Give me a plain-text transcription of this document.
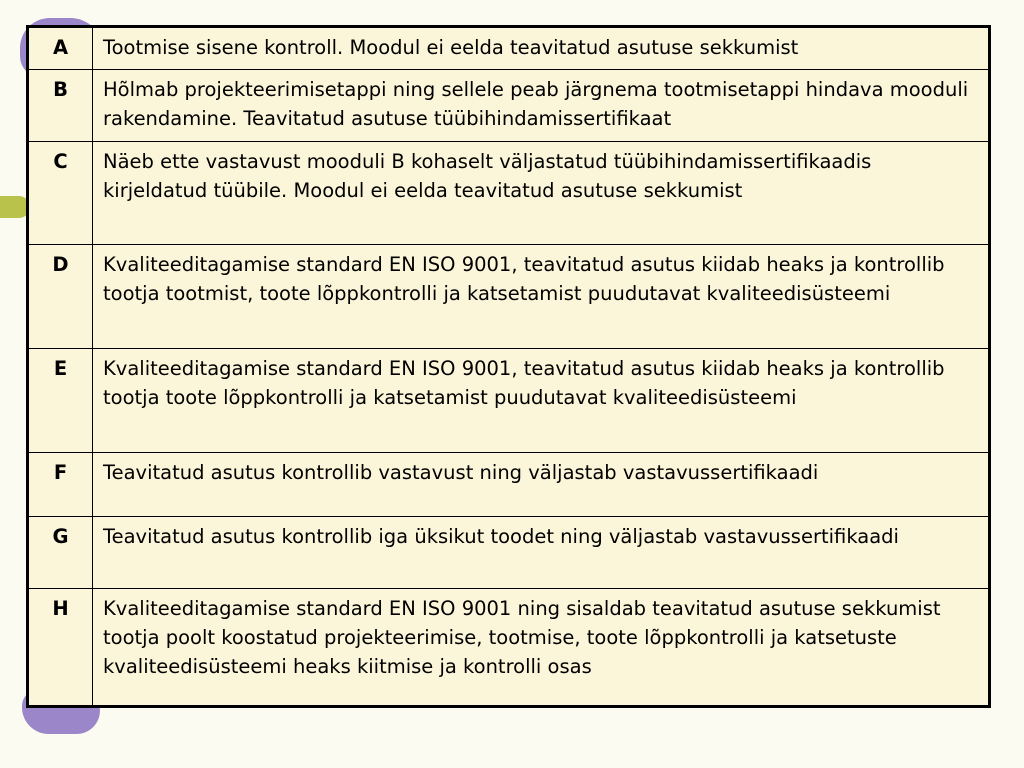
A	Tootmise sisene kontroll. Moodul ei eelda teavitatud asutuse sekkumist
B	Hõlmab projekteerimisetappi ning sellele peab järgnema tootmisetappi hindava mooduli rakendamine. Teavitatud asutuse tüübihindamissertifikaat
C	Näeb ette vastavust mooduli B kohaselt väljastatud tüübihindamissertifikaadis kirjeldatud tüübile. Moodul ei eelda teavitatud asutuse sekkumist
D	Kvaliteeditagamise standard EN ISO 9001, teavitatud asutus kiidab heaks ja kontrollib tootja tootmist, toote lõppkontrolli ja katsetamist puudutavat kvaliteedisüsteemi
E	Kvaliteeditagamise standard EN ISO 9001, teavitatud asutus kiidab heaks ja kontrollib tootja toote lõppkontrolli ja katsetamist puudutavat kvaliteedisüsteemi
F	Teavitatud asutus kontrollib vastavust ning väljastab vastavussertifikaadi
G	Teavitatud asutus kontrollib iga üksikut toodet ning väljastab vastavussertifikaadi
H	Kvaliteeditagamise standard EN ISO 9001 ning sisaldab teavitatud asutuse sekkumist tootja poolt koostatud projekteerimise, tootmise, toote lõppkontrolli ja katsetuste kvaliteedisüsteemi heaks kiitmise ja kontrolli osas
